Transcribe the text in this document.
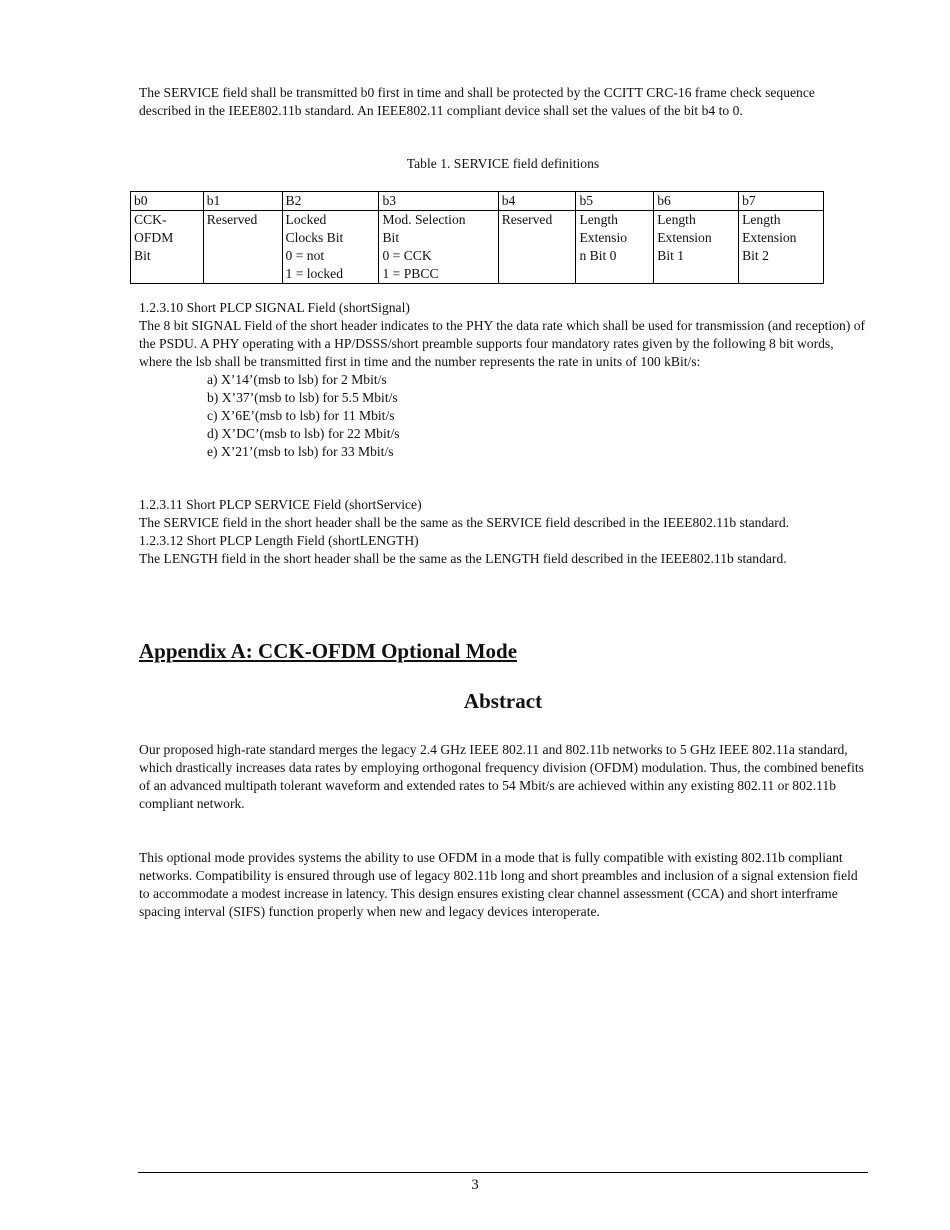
The SERVICE field shall be transmitted b0 first in time and shall be protected by the CCITT CRC-16 frame check sequence described in the IEEE802.11b standard. An IEEE802.11 compliant device shall set the values of the bit b4 to 0.

Table 1. SERVICE field definitions

b0	b1	B2	b3	b4	b5	b6	b7

CCK-
OFDM
Bit	Reserved	Locked
Clocks Bit
0 = not
1 = locked	Mod. Selection
Bit
0 = CCK
1 = PBCC	Reserved	Length
Extensio
n Bit 0	Length
Extension
Bit 1	Length
Extension
Bit 2

1.2.3.10 Short PLCP SIGNAL Field (shortSignal)

The 8 bit SIGNAL Field of the short header indicates to the PHY the data rate which shall be used for transmission (and reception) of the PSDU. A PHY operating with a HP/DSSS/short preamble supports four mandatory rates given by the following 8 bit words, where the lsb shall be transmitted first in time and the number represents the rate in units of 100 kBit/s:

a) X’14’(msb to lsb) for 2 Mbit/s
b) X’37’(msb to lsb) for 5.5 Mbit/s
c) X’6E’(msb to lsb) for 11 Mbit/s
d) X’DC’(msb to lsb) for 22 Mbit/s
e) X’21’(msb to lsb) for 33 Mbit/s

1.2.3.11 Short PLCP SERVICE Field (shortService)

The SERVICE field in the short header shall be the same as the SERVICE field described in the IEEE802.11b standard.

1.2.3.12 Short PLCP Length Field (shortLENGTH)

The LENGTH field in the short header shall be the same as the LENGTH field described in the IEEE802.11b standard.

Appendix A: CCK-OFDM Optional Mode
Abstract

Our proposed high-rate standard merges the legacy 2.4 GHz IEEE 802.11 and 802.11b networks to 5 GHz IEEE 802.11a standard, which drastically increases data rates by employing orthogonal frequency division (OFDM) modulation. Thus, the combined benefits of an advanced multipath tolerant waveform and extended rates to 54 Mbit/s are achieved within any existing 802.11 or 802.11b compliant network.

This optional mode provides systems the ability to use OFDM in a mode that is fully compatible with existing 802.11b compliant networks. Compatibility is ensured through use of legacy 802.11b long and short preambles and inclusion of a signal extension field to accommodate a modest increase in latency. This design ensures existing clear channel assessment (CCA) and short interframe spacing interval (SIFS) function properly when new and legacy devices interoperate.

3
